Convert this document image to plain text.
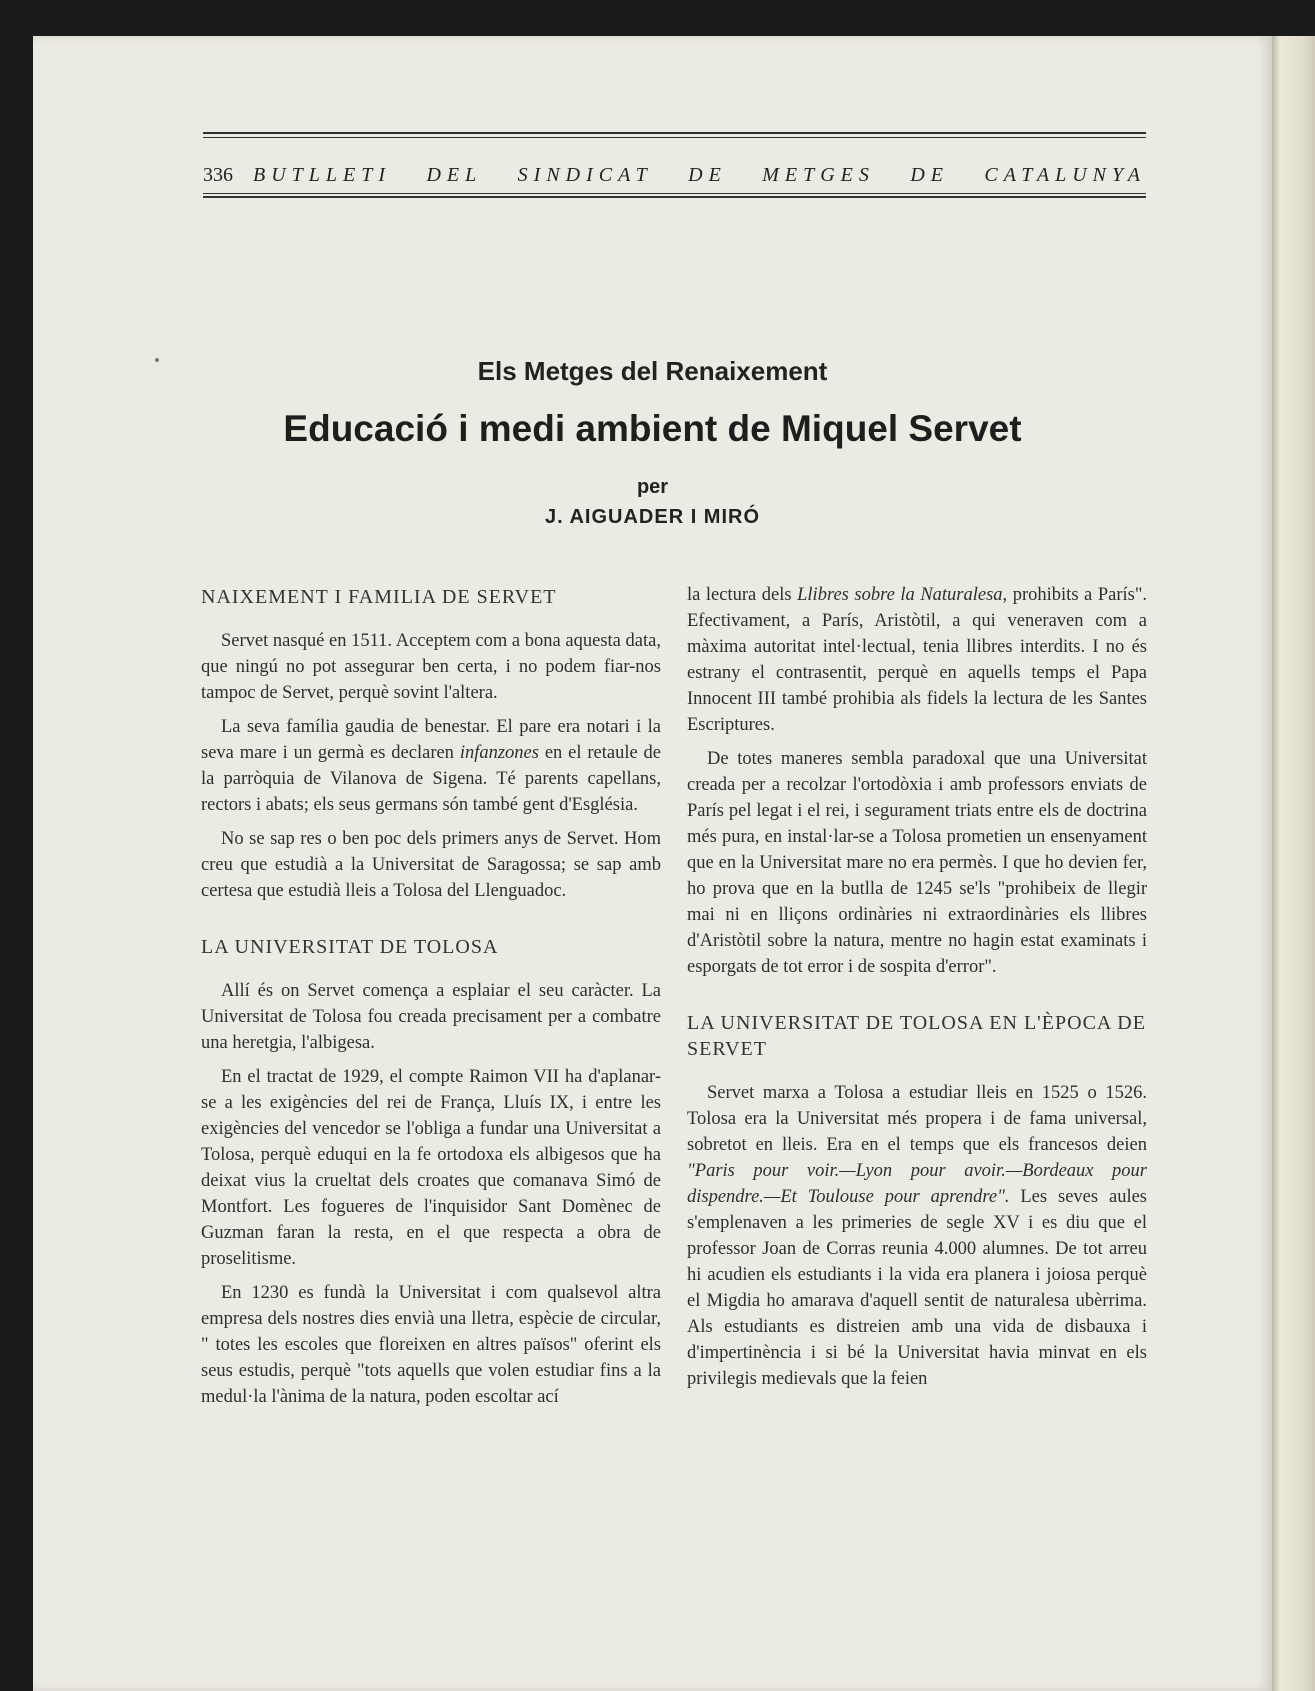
336	BUTLLETI DEL SINDICAT DE METGES DE CATALUNYA
Els Metges del Renaixement
Educació i medi ambient de Miquel Servet
per
J. AIGUADER I MIRÓ
NAIXEMENT I FAMILIA DE SERVET

Servet nasqué en 1511. Acceptem com a bona aquesta data, que ningú no pot assegurar ben certa, i no podem fiar-nos tampoc de Servet, perquè sovint l'altera.

La seva família gaudia de benestar. El pare era notari i la seva mare i un germà es declaren infanzones en el retaule de la parròquia de Vilanova de Sigena. Té parents capellans, rectors i abats; els seus germans són també gent d'Església.

No se sap res o ben poc dels primers anys de Servet. Hom creu que estudià a la Universitat de Saragossa; se sap amb certesa que estudià lleis a Tolosa del Llenguadoc.

LA UNIVERSITAT DE TOLOSA

Allí és on Servet comença a esplaiar el seu caràcter. La Universitat de Tolosa fou creada precisament per a combatre una heretgia, l'albigesa.

En el tractat de 1929, el compte Raimon VII ha d'aplanar-se a les exigències del rei de França, Lluís IX, i entre les exigències del vencedor se l'obliga a fundar una Universitat a Tolosa, perquè eduqui en la fe ortodoxa els albigesos que ha deixat vius la crueltat dels croates que comanava Simó de Montfort. Les fogueres de l'inquisidor Sant Domènec de Guzman faran la resta, en el que respecta a obra de proselitisme.

En 1230 es fundà la Universitat i com qualsevol altra empresa dels nostres dies envià una lletra, espècie de circular, " totes les escoles que floreixen en altres països" oferint els seus estudis, perquè "tots aquells que volen estudiar fins a la medul·la l'ànima de la natura, poden escoltar ací

la lectura dels Llibres sobre la Naturalesa, prohibits a París". Efectivament, a París, Aristòtil, a qui veneraven com a màxima autoritat intel·lectual, tenia llibres interdits. I no és estrany el contrasentit, perquè en aquells temps el Papa Innocent III també prohibia als fidels la lectura de les Santes Escriptures.

De totes maneres sembla paradoxal que una Universitat creada per a recolzar l'ortodòxia i amb professors enviats de París pel legat i el rei, i segurament triats entre els de doctrina més pura, en instal·lar-se a Tolosa prometien un ensenyament que en la Universitat mare no era permès. I que ho devien fer, ho prova que en la butlla de 1245 se'ls "prohibeix de llegir mai ni en lliçons ordinàries ni extraordinàries els llibres d'Aristòtil sobre la natura, mentre no hagin estat examinats i esporgats de tot error i de sospita d'error".

LA UNIVERSITAT DE TOLOSA EN L'ÈPOCA DE SERVET

Servet marxa a Tolosa a estudiar lleis en 1525 o 1526. Tolosa era la Universitat més propera i de fama universal, sobretot en lleis. Era en el temps que els francesos deien "Paris pour voir.—Lyon pour avoir.—Bordeaux pour dispendre.—Et Toulouse pour aprendre". Les seves aules s'emplenaven a les primeries de segle XV i es diu que el professor Joan de Corras reunia 4.000 alumnes. De tot arreu hi acudien els estudiants i la vida era planera i joiosa perquè el Migdia ho amarava d'aquell sentit de naturalesa ubèrrima. Als estudiants es distreien amb una vida de disbauxa i d'impertinència i si bé la Universitat havia minvat en els privilegis medievals que la feien
